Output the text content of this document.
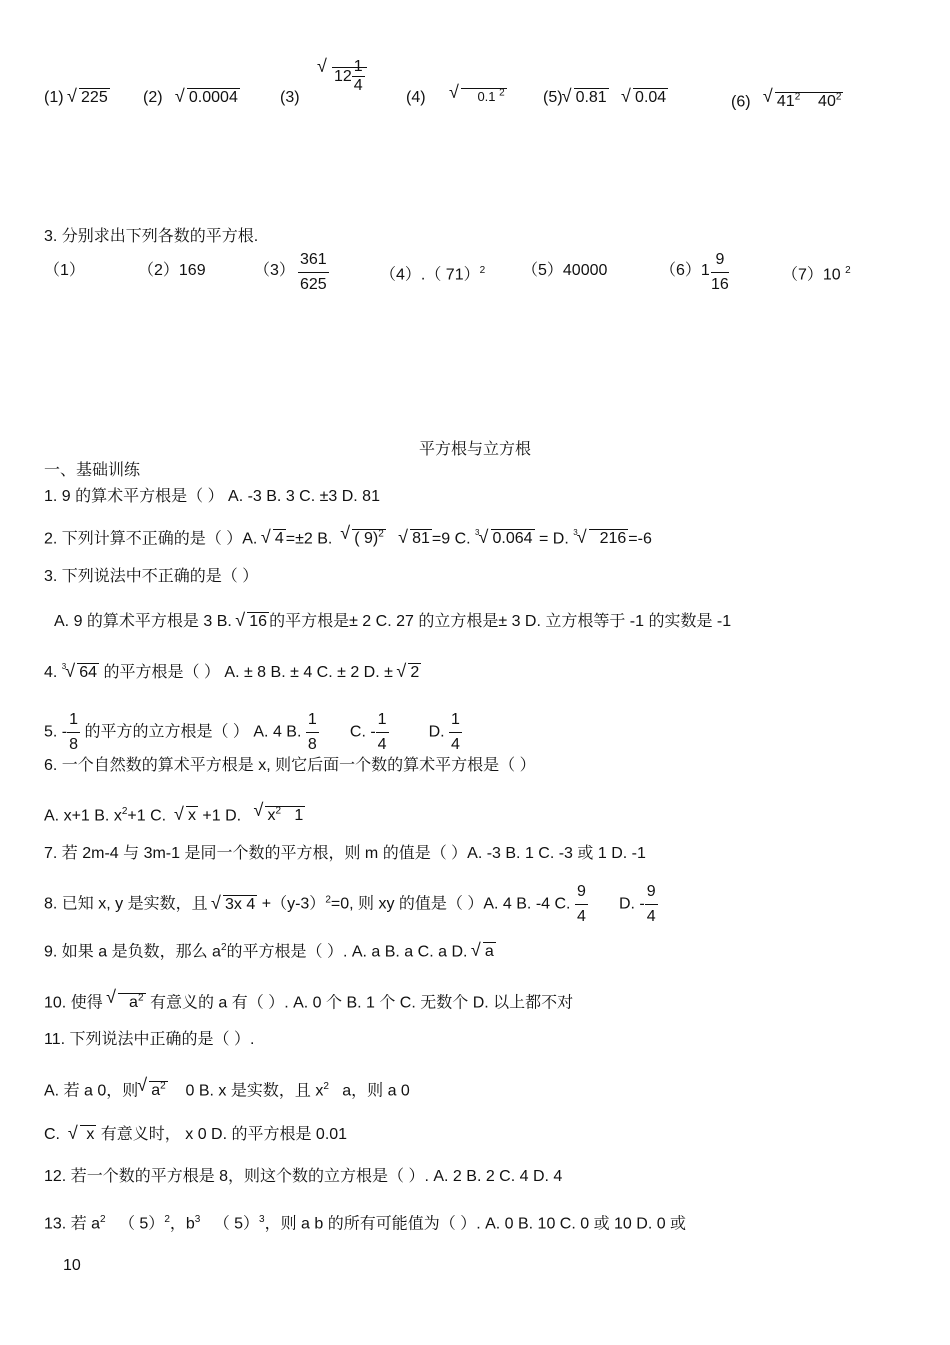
(1) √ 225 (2) √ 0.0004	(3)
√ $12 \frac{1}{4}$
(4)	√     0.1 $^2$ (5) √ 0.81 √ 0.04	(6) √ $41^2$ $40^2$
3. 分别求出下列各数的平方根.
（1）	（2）169	$(3) \frac{361}{625}$	（4）.（ 71）$^2$ （5）40000	$(6)1 \frac{9}{16}$	（7）10 $^2$
平方根与立方根
一、基础训练
1. 9 的算术平方根是（ ） A. -3 B. 3 C. ±3 D. 81
2. 下列计算不正确的是（ ）A. √ 4 =±2 B. √ ( 9)$^2$ √ 81 =9 C. $^3$ √ 0.064 = D. $^3$ √   216 =-6
3. 下列说法中不正确的是（ ）
A. 9 的算术平方根是 3 B. √ 16 的平方根是± 2 C. 27 的立方根是± 3 D. 立方根等于 -1 的实数是 -1
4. $^3$ √ 64 的平方根是（ ） A. ± 8 B. ± 4 C. ± 2 D. ± √ 2
5. - $\frac{1}{8}$ 的平方的立方根是（ ） A. 4 B. $\frac{1}{8} C$. - $\frac{1}{4}$	D. $\frac{1}{4}$
6. 一个自然数的算术平方根是 x, 则它后面一个数的算术平方根是（ ）
A. x+1 B. $x^2+1$ C. √ x +1 D. √ $x^2$ 1
7. 若 2m-4 与 3m-1 是同一个数的平方根，则 m 的值是（ ）A. -3 B. 1 C. -3 或 1 D. -1
8. 已知 x, y 是实数，且 √ 3x $4 +(y-3)^2=0$, 则 xy 的值是（ ）A. 4 B. -4 C. $\frac{9}{4} D$. - $\frac{9}{4}$
9. 如果 a 是负数，那么 $a^2$的平方根是（ ）. A. a B. a C. a D. √ a
10. 使得 √   $a^2$ 有意义的 a 有（ ）. A. 0 个 B. 1 个 C. 无数个 D. 以上都不对
11. 下列说法中正确的是（ ）.
A. 若 a 0，则 √ $a^2$ 0 B. x 是实数，且 $x^2$ a，则 a 0
C. √  x 有意义时， x 0 D. 的平方根是 0.01
12. 若一个数的平方根是 8，则这个数的立方根是（ ）. A. 2 B. 2 C. 4 D. 4
13. 若 $a^2$ （ 5）$^2$，$b^3$ （ 5）$^3$，则 a b 的所有可能值为（ ）. A. 0 B. 10 C. 0 或 10 D. 0 或
10
